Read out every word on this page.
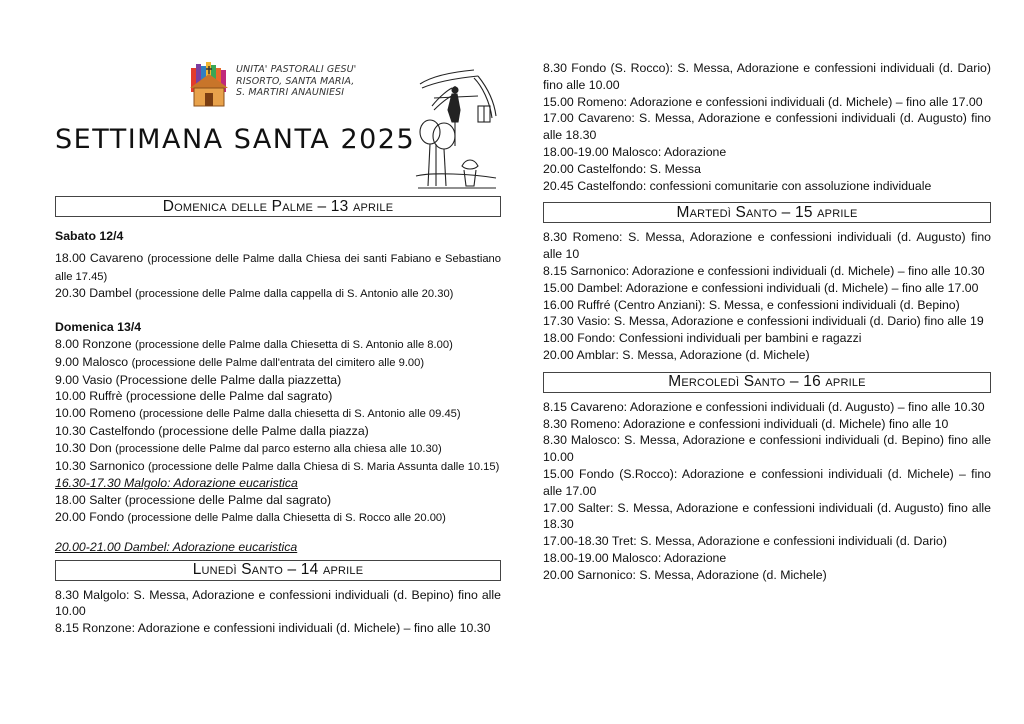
UNITA' PASTORALI GESU'
RISORTO, SANTA MARIA,
S. MARTIRI ANAUNIESI
SETTIMANA SANTA 2025
Domenica delle Palme – 13 aprile
Sabato 12/4
18.00 Cavareno (processione delle Palme dalla Chiesa dei santi Fabiano e Sebastiano alle 17.45)
20.30 Dambel (processione delle Palme dalla cappella di S. Antonio alle 20.30)
Domenica 13/4
8.00 Ronzone (processione delle Palme dalla Chiesetta di S. Antonio alle 8.00)
9.00 Malosco (processione delle Palme dall'entrata del cimitero alle 9.00)
9.00 Vasio (Processione delle Palme dalla piazzetta)
10.00 Ruffrè (processione delle Palme dal sagrato)
10.00 Romeno (processione delle Palme dalla chiesetta di S. Antonio alle 09.45)
10.30 Castelfondo (processione delle Palme dalla piazza)
10.30 Don (processione delle Palme dal parco esterno alla chiesa alle 10.30)
10.30 Sarnonico (processione delle Palme dalla Chiesa di S. Maria Assunta dalle 10.15)
16.30-17.30 Malgolo: Adorazione eucaristica
18.00 Salter (processione delle Palme dal sagrato)
20.00 Fondo (processione delle Palme dalla Chiesetta di S. Rocco alle 20.00)
20.00-21.00 Dambel: Adorazione eucaristica
Lunedì Santo – 14 aprile
8.30 Malgolo: S. Messa, Adorazione e confessioni individuali (d. Bepino) fino alle 10.00
8.15 Ronzone: Adorazione e confessioni individuali (d. Michele) – fino alle 10.30
8.30 Fondo (S. Rocco): S. Messa, Adorazione e confessioni individuali (d. Dario) fino alle 10.00
15.00 Romeno: Adorazione e confessioni individuali (d. Michele) – fino alle 17.00
17.00 Cavareno: S. Messa, Adorazione e confessioni individuali (d. Augusto) fino alle 18.30
18.00-19.00 Malosco: Adorazione
20.00 Castelfondo: S. Messa
20.45 Castelfondo: confessioni comunitarie con assoluzione individuale
Martedì Santo – 15 aprile
8.30 Romeno: S. Messa, Adorazione e confessioni individuali (d. Augusto) fino alle 10
8.15 Sarnonico: Adorazione e confessioni individuali (d. Michele) – fino alle 10.30
15.00 Dambel: Adorazione e confessioni individuali (d. Michele) – fino alle 17.00
16.00 Ruffré (Centro Anziani): S. Messa, e confessioni individuali (d. Bepino)
17.30 Vasio: S. Messa, Adorazione e confessioni individuali (d. Dario) fino alle 19
18.00 Fondo: Confessioni individuali per bambini e ragazzi
20.00 Amblar: S. Messa, Adorazione (d. Michele)
Mercoledì Santo – 16 aprile
8.15 Cavareno: Adorazione e confessioni individuali (d. Augusto) – fino alle 10.30
8.30 Romeno: Adorazione e confessioni individuali (d. Michele) fino alle 10
8.30 Malosco: S. Messa, Adorazione e confessioni individuali (d. Bepino) fino alle 10.00
15.00 Fondo (S.Rocco): Adorazione e confessioni individuali (d. Michele) – fino alle 17.00
17.00 Salter: S. Messa, Adorazione e confessioni individuali (d. Augusto) fino alle 18.30
17.00-18.30 Tret: S. Messa, Adorazione e confessioni individuali (d. Dario)
18.00-19.00 Malosco: Adorazione
20.00 Sarnonico: S. Messa, Adorazione (d. Michele)
